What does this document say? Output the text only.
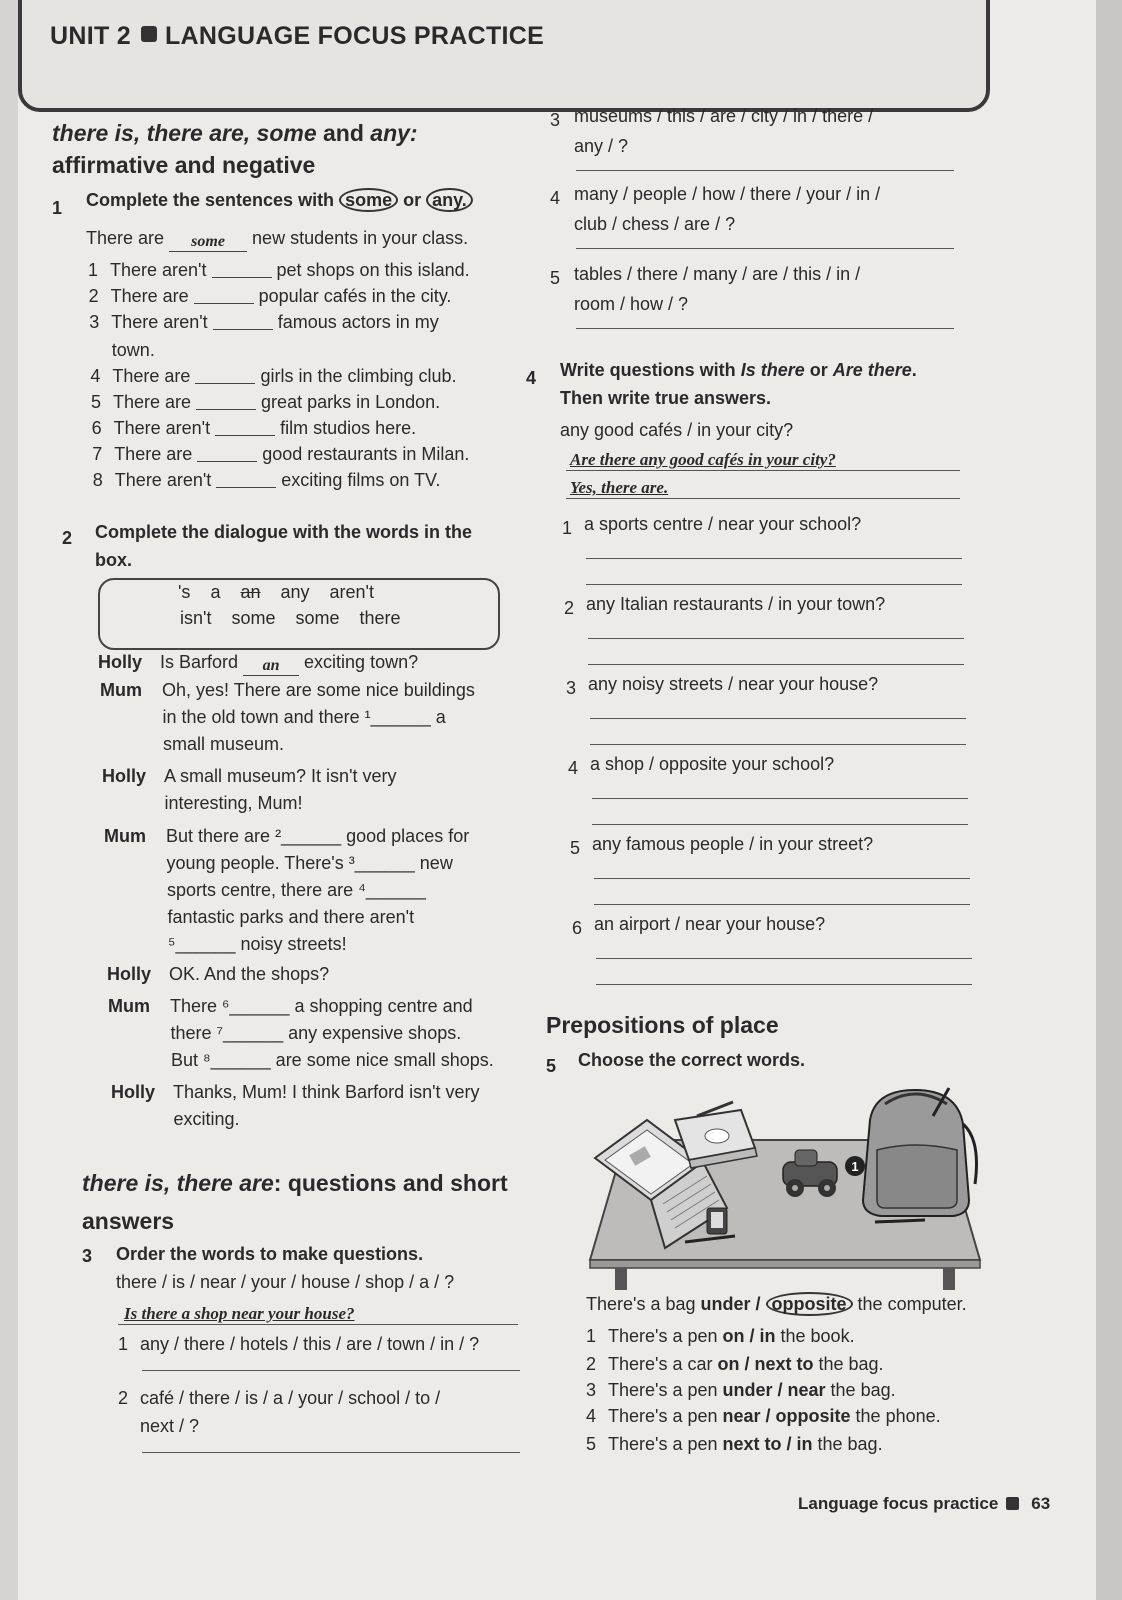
UNIT 2 LANGUAGE FOCUS PRACTICE
there is, there are, some and any:
affirmative and negative
1 Complete the sentences with some or any.
There are some new students in your class.
1 There aren't	pet shops on this island.
2 There are	popular cafés in the city.
3 There aren't	famous actors in my
town.
4 There are	girls in the climbing club.
5 There are	great parks in London.
6 There aren't	film studios here.
7 There are	good restaurants in Milan.
8 There aren't	exciting films on TV.
2 Complete the dialogue with the words in the
box.
's a an any aren't
isn't some some there
Holly Is Barford an exciting town?
Mum Oh, yes! There are some nice buildings
in the old town and there ¹______ a
small museum.
Holly A small museum? It isn't very
interesting, Mum!
Mum But there are ²______ good places for
young people. There's ³______ new
sports centre, there are ⁴______
fantastic parks and there aren't
⁵______ noisy streets!
Holly OK. And the shops?
Mum There ⁶______ a shopping centre and
there ⁷______ any expensive shops.
But ⁸______ are some nice small shops.
Holly Thanks, Mum! I think Barford isn't very
exciting.
there is, there are: questions and short
answers
3 Order the words to make questions.
there / is / near / your / house / shop / a / ?
Is there a shop near your house?
1 any / there / hotels / this / are / town / in / ?
2 café / there / is / a / your / school / to /
next / ?
3 museums / this / are / city / in / there /
any / ?
4 many / people / how / there / your / in /
club / chess / are / ?
5 tables / there / many / are / this / in /
room / how / ?
4 Write questions with Is there or Are there.
Then write true answers.
any good cafés / in your city?
Are there any good cafés in your city?
Yes, there are.
1 a sports centre / near your school?
2 any Italian restaurants / in your town?
3 any noisy streets / near your house?
4 a shop / opposite your school?
5 any famous people / in your street?
6 an airport / near your house?
Prepositions of place
5 Choose the correct words.
1
There's a bag under / opposite the computer.
1 There's a pen on / in the book.
2 There's a car on / next to the bag.
3 There's a pen under / near the bag.
4 There's a pen near / opposite the phone.
5 There's a pen next to / in the bag.
Language focus practice 63
